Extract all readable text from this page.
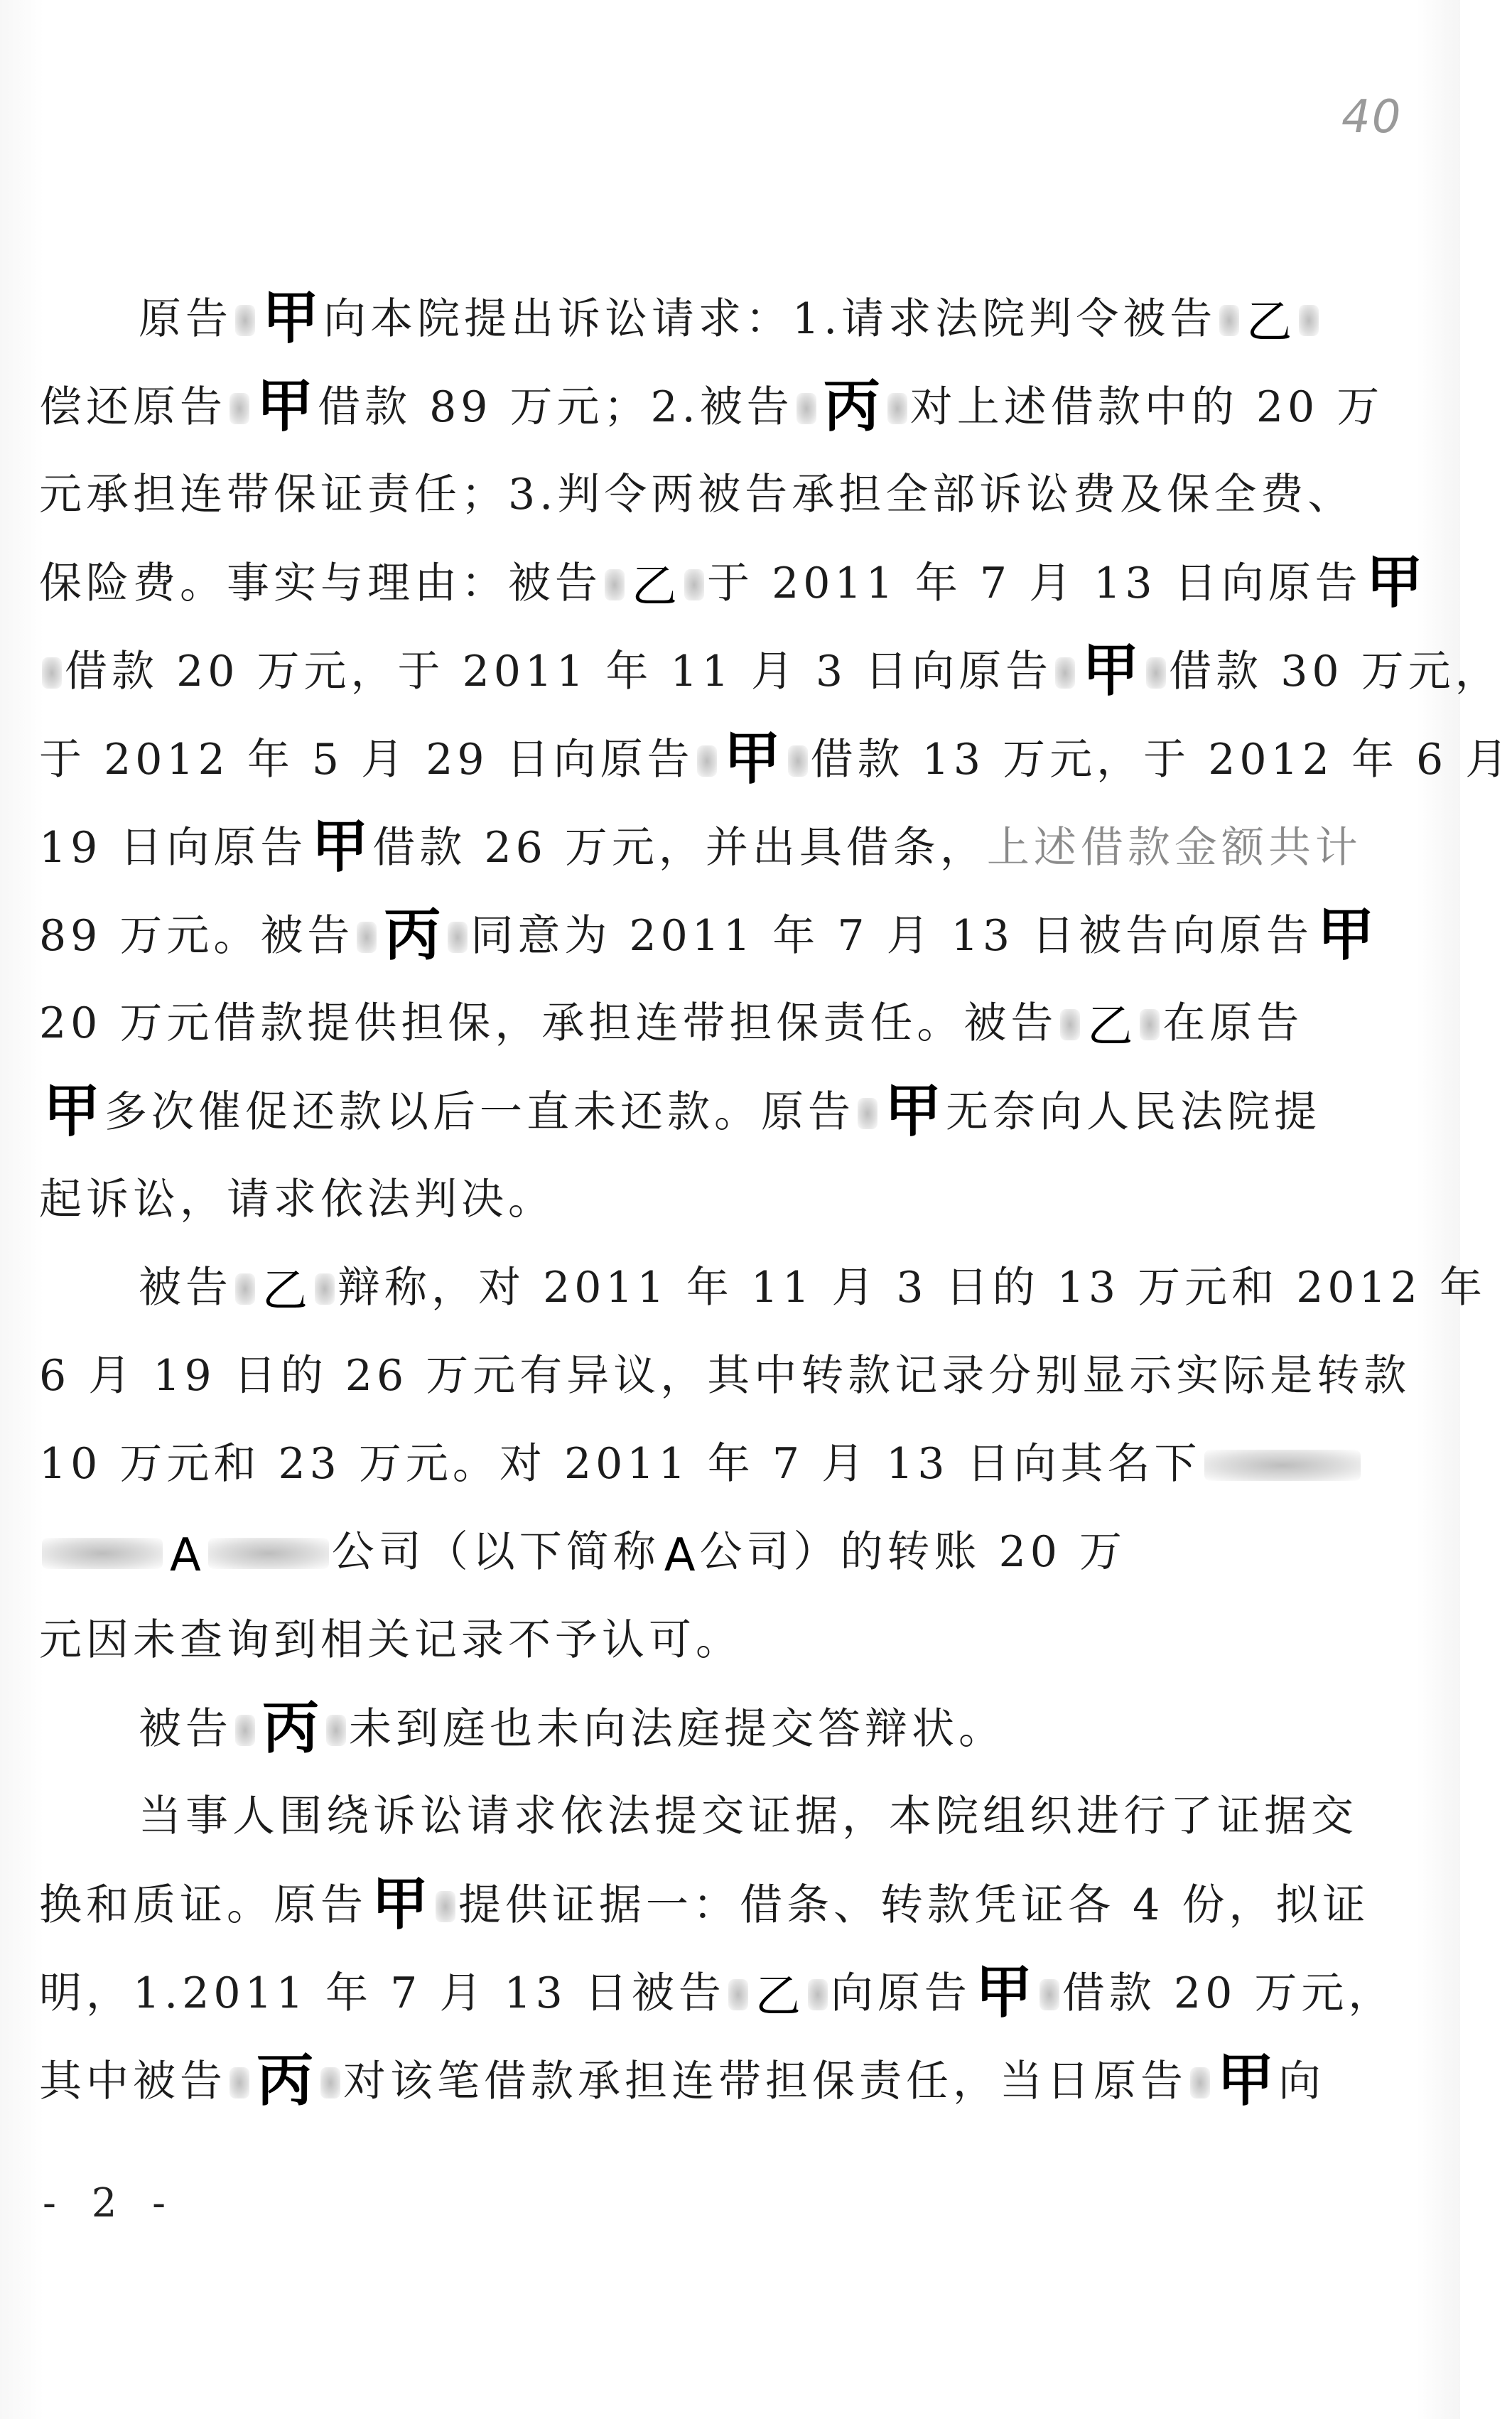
40
原告 甲 向本院提出诉讼请求：1.请求法院判令被告 乙
偿还原告 甲 借款 89 万元；2.被告 丙 对上述借款中的 20 万
元承担连带保证责任；3.判令两被告承担全部诉讼费及保全费、
保险费。事实与理由：被告 乙 于 2011 年 7 月 13 日向原告甲
借款 20 万元，于 2011 年 11 月 3 日向原告 甲 借款 30 万元，
于 2012 年 5 月 29 日向原告 甲 借款 13 万元，于 2012 年 6 月
19 日向原告甲 借款 26 万元，并出具借条，上述借款金额共计
89 万元。被告 丙 同意为 2011 年 7 月 13 日被告向原告甲
20 万元借款提供担保，承担连带担保责任。被告 乙 在原告
甲 多次催促还款以后一直未还款。原告 甲 无奈向人民法院提
起诉讼，请求依法判决。
被告 乙 辩称，对 2011 年 11 月 3 日的 13 万元和 2012 年
6 月 19 日的 26 万元有异议，其中转款记录分别显示实际是转款
10 万元和 23 万元。对 2011 年 7 月 13 日向其名下
A	公司（以下简称A 公司）的转账 20 万
元因未查询到相关记录不予认可。
被告 丙 未到庭也未向法庭提交答辩状。
当事人围绕诉讼请求依法提交证据，本院组织进行了证据交
换和质证。原告甲 提供证据一：借条、转款凭证各 4 份，拟证
明，1.2011 年 7 月 13 日被告 乙 向原告甲 借款 20 万元，
其中被告 丙 对该笔借款承担连带担保责任，当日原告 甲 向
- 2 -
